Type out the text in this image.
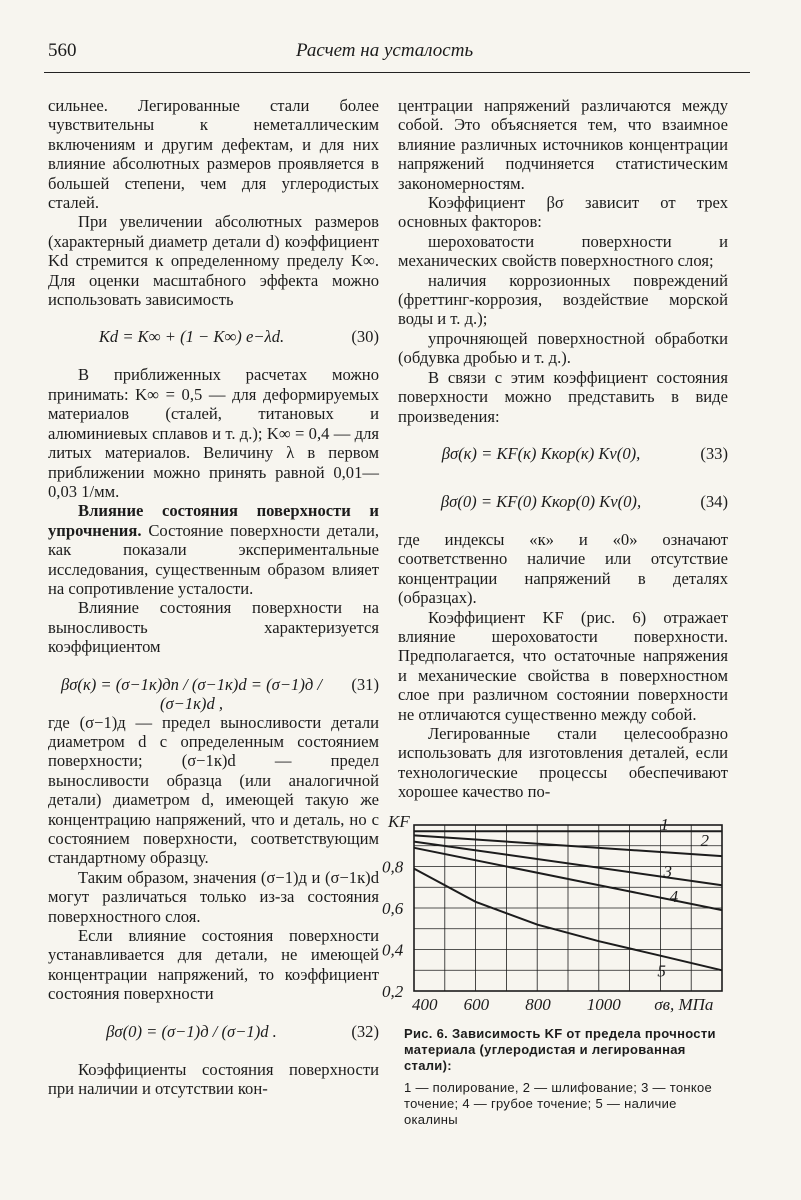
560	Расчет на усталость

сильнее. Легированные стали более чувствительны к неметаллическим включениям и другим дефектам, и для них влияние абсолютных размеров проявляется в большей степени, чем для углеродистых сталей.

При увеличении абсолютных размеров (характерный диаметр детали d) коэффициент Kd стремится к определенному пределу K∞. Для оценки масштабного эффекта можно использовать зависимость

Kd = K∞ + (1 − K∞) e−λd.	(30)

В приближенных расчетах можно принимать: K∞ = 0,5 — для деформируемых материалов (сталей, титановых и алюминиевых сплавов и т. д.); K∞ = 0,4 — для литых материалов. Величину λ в первом приближении можно принять равной 0,01—0,03 1/мм.

Влияние состояния поверхности и упрочнения. Состояние поверхности детали, как показали экспериментальные исследования, существенным образом влияет на сопротивление усталости.

Влияние состояния поверхности на выносливость характеризуется коэффициентом

βσ(к) = (σ−1к)дп / (σ−1к)d = (σ−1)д / (σ−1к)d ,
(31)

где (σ−1)д — предел выносливости детали диаметром d с определенным состоянием поверхности; (σ−1к)d — предел выносливости образца (или аналогичной детали) диаметром d, имеющей такую же концентрацию напряжений, что и деталь, но с состоянием поверхности, соответствующим стандартному образцу.

Таким образом, значения (σ−1)д и (σ−1к)d могут различаться только из-за состояния поверхностного слоя.

Если влияние состояния поверхности устанавливается для детали, не имеющей концентрации напряжений, то коэффициент состояния поверхности

βσ(0) = (σ−1)д / (σ−1)d .	(32)

Коэффициенты состояния поверхности при наличии и отсутствии кон-

центрации напряжений различаются между собой. Это объясняется тем, что взаимное влияние различных источников концентрации напряжений подчиняется статистическим закономерностям.

Коэффициент βσ зависит от трех основных факторов:

шероховатости поверхности и механических свойств поверхностного слоя;

наличия коррозионных повреждений (фреттинг-коррозия, воздействие морской воды и т. д.);

упрочняющей поверхностной обработки (обдувка дробью и т. д.).

В связи с этим коэффициент состояния поверхности можно представить в виде произведения:

βσ(к) = KF(к) Kкор(к) Kv(0),	(33)
βσ(0) = KF(0) Kкор(0) Kv(0),	(34)

где индексы «к» и «0» означают соответственно наличие или отсутствие концентрации напряжений в деталях (образцах).

Коэффициент KF (рис. 6) отражает влияние шероховатости поверхности. Предполагается, что остаточные напряжения и механические свойства в поверхностном слое при различном состоянии поверхности не отличаются существенно между собой.

Легированные стали целесообразно использовать для изготовления деталей, если технологические процессы обеспечивают хорошее качество по-

400 600 800 1000
0,2
0,4
0,6
0,8
1
2
3
4
5
σв, МПа
KF
Рис. 6. Зависимость KF от предела прочности материала (углеродистая и легированная стали):
1 — полирование, 2 — шлифование; 3 — тонкое точение; 4 — грубое точение; 5 — наличие окалины
